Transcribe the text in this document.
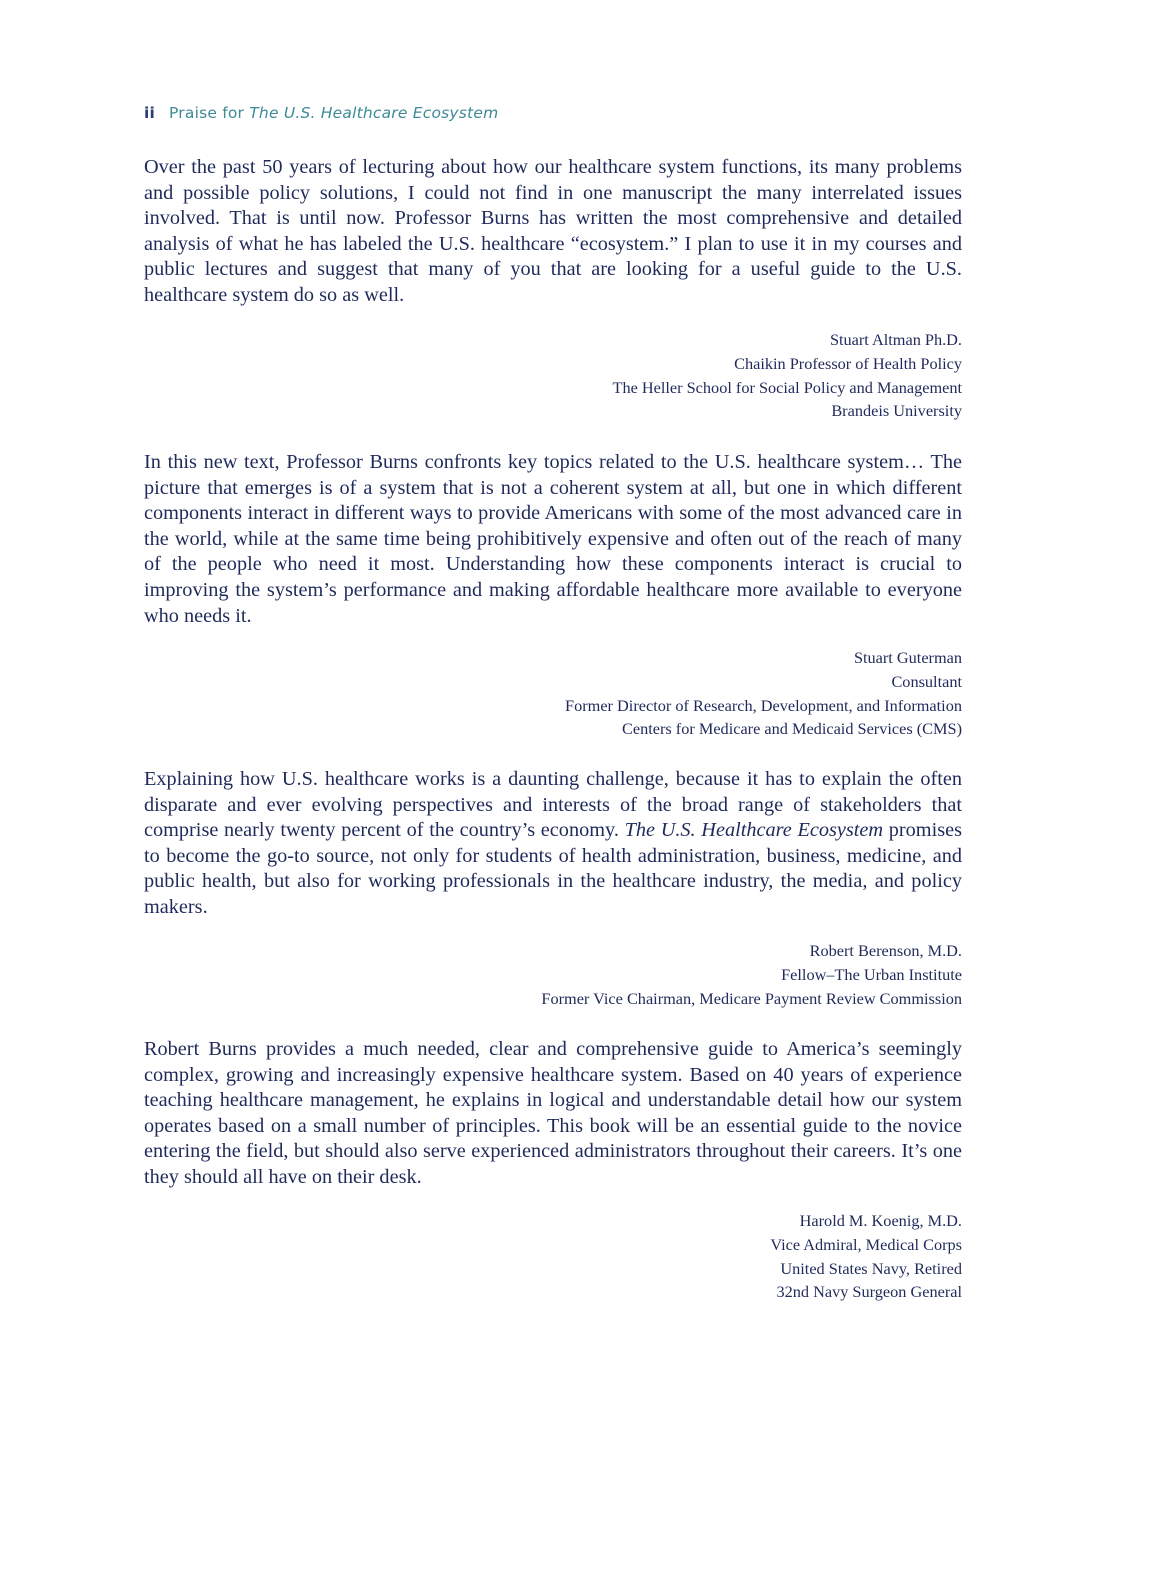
ii Praise for The U.S. Healthcare Ecosystem

Over the past 50 years of lecturing about how our healthcare system functions, its many problems and possible policy solutions, I could not find in one manuscript the many interrelated issues involved. That is until now. Professor Burns has written the most comprehensive and detailed analysis of what he has labeled the U.S. healthcare “ecosystem.” I plan to use it in my courses and public lectures and suggest that many of you that are looking for a useful guide to the U.S. healthcare system do so as well.

Stuart Altman Ph.D.
Chaikin Professor of Health Policy
The Heller School for Social Policy and Management
Brandeis University

In this new text, Professor Burns confronts key topics related to the U.S. healthcare system… The picture that emerges is of a system that is not a coherent system at all, but one in which different components interact in different ways to provide Americans with some of the most advanced care in the world, while at the same time being prohibitively expensive and often out of the reach of many of the people who need it most. Understanding how these components interact is crucial to improving the system’s performance and making affordable healthcare more available to everyone who needs it.

Stuart Guterman
Consultant
Former Director of Research, Development, and Information
Centers for Medicare and Medicaid Services (CMS)

Explaining how U.S. healthcare works is a daunting challenge, because it has to explain the often disparate and ever evolving perspectives and interests of the broad range of stakeholders that comprise nearly twenty percent of the country’s economy. The U.S. Healthcare Ecosystem promises to become the go-to source, not only for students of health administration, business, medicine, and public health, but also for working professionals in the healthcare industry, the media, and policy makers.

Robert Berenson, M.D.
Fellow–The Urban Institute
Former Vice Chairman, Medicare Payment Review Commission

Robert Burns provides a much needed, clear and comprehensive guide to America’s seemingly complex, growing and increasingly expensive healthcare system. Based on 40 years of experience teaching healthcare management, he explains in logical and understandable detail how our system operates based on a small number of principles. This book will be an essential guide to the novice entering the field, but should also serve experienced administrators throughout their careers. It’s one they should all have on their desk.

Harold M. Koenig, M.D.
Vice Admiral, Medical Corps
United States Navy, Retired
32nd Navy Surgeon General
